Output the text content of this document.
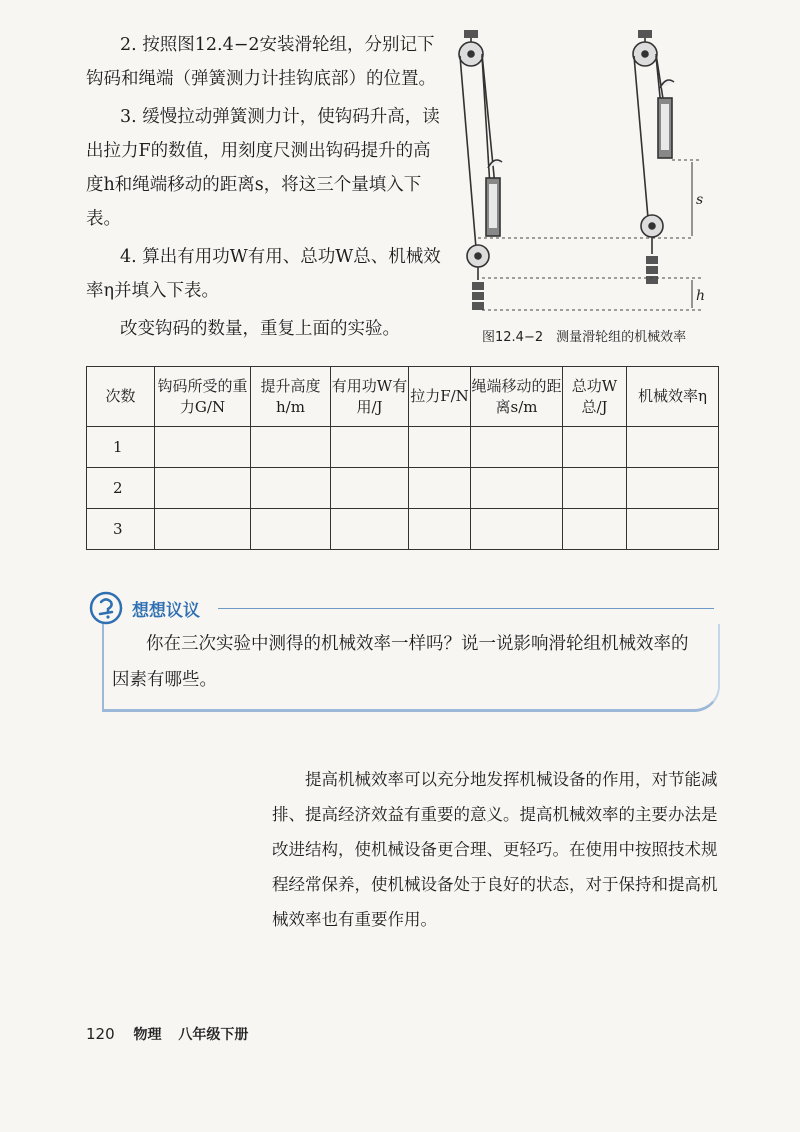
2. 按照图12.4−2安装滑轮组，分别记下钩码和绳端（弹簧测力计挂钩底部）的位置。

3. 缓慢拉动弹簧测力计，使钩码升高，读出拉力F的数值，用刻度尺测出钩码提升的高度h和绳端移动的距离s，将这三个量填入下表。

4. 算出有用功W有用、总功W总、机械效率η并填入下表。

改变钩码的数量，重复上面的实验。

s
h
图12.4−2　测量滑轮组的机械效率
次数	钩码所受的重力G/N	提升高度h/m	有用功W有用/J	拉力F/N	绳端移动的距离s/m	总功W总/J	机械效率η
1							
2							
3							
想想议议
你在三次实验中测得的机械效率一样吗？说一说影响滑轮组机械效率的因素有哪些。

提高机械效率可以充分地发挥机械设备的作用，对节能减排、提高经济效益有重要的意义。提高机械效率的主要办法是改进结构，使机械设备更合理、更轻巧。在使用中按照技术规程经常保养，使机械设备处于良好的状态，对于保持和提高机械效率也有重要作用。

120 物理 八年级下册
